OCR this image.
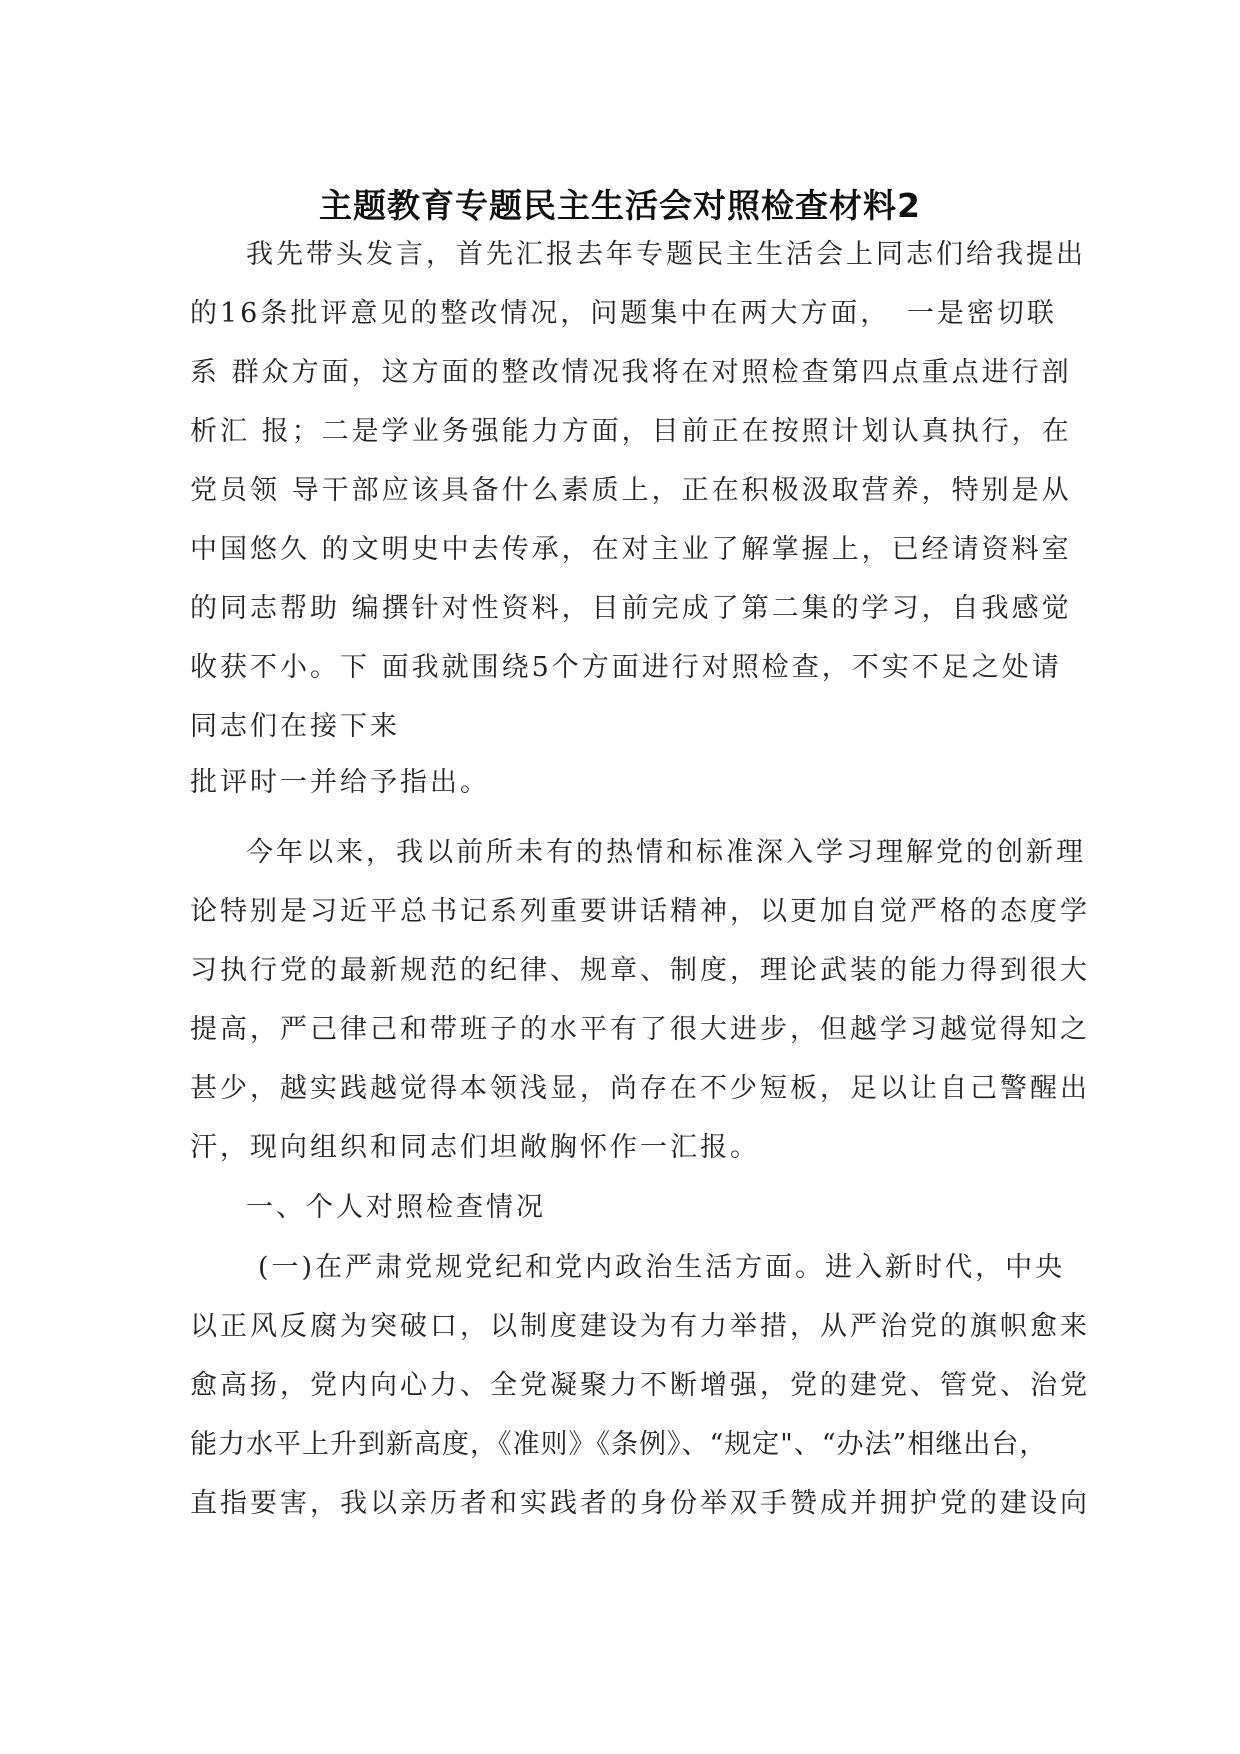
主题教育专题民主生活会对照检查材料2
我先带头发言，首先汇报去年专题民主生活会上同志们给我提出
的16条批评意见的整改情况，问题集中在两大方面，　一是密切联
系 群众方面，这方面的整改情况我将在对照检查第四点重点进行剖
析汇 报；二是学业务强能力方面，目前正在按照计划认真执行，在
党员领 导干部应该具备什么素质上，正在积极汲取营养，特别是从
中国悠久 的文明史中去传承，在对主业了解掌握上，已经请资料室
的同志帮助 编撰针对性资料，目前完成了第二集的学习，自我感觉
收获不小。下 面我就围绕5个方面进行对照检查，不实不足之处请
同志们在接下来
批评时一并给予指出。
今年以来，我以前所未有的热情和标准深入学习理解党的创新理
论特别是习近平总书记系列重要讲话精神，以更加自觉严格的态度学
习执行党的最新规范的纪律、规章、制度，理论武装的能力得到很大
提高，严己律己和带班子的水平有了很大进步，但越学习越觉得知之
甚少，越实践越觉得本领浅显，尚存在不少短板，足以让自己警醒出
汗，现向组织和同志们坦敞胸怀作一汇报。
一、个人对照检查情况
(一)在严肃党规党纪和党内政治生活方面。进入新时代，中央
以正风反腐为突破口，以制度建设为有力举措，从严治党的旗帜愈来
愈高扬，党内向心力、全党凝聚力不断增强，党的建党、管党、治党
能力水平上升到新高度，《准则》《条例》、“规定"、“办法”相继出台，
直指要害，我以亲历者和实践者的身份举双手赞成并拥护党的建设向
